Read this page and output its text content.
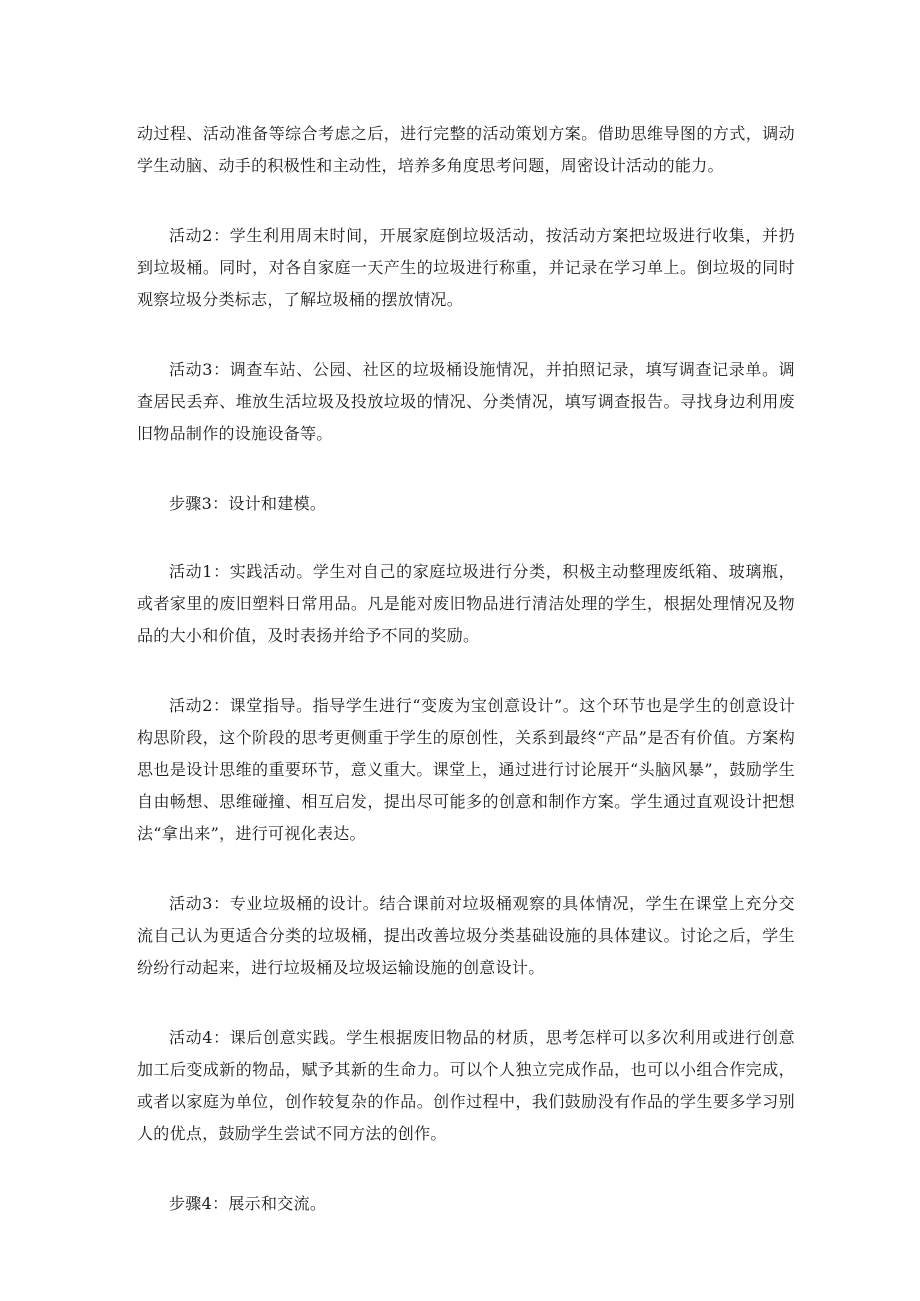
动过程、活动准备等综合考虑之后，进行完整的活动策划方案。借助思维导图的方式，调动学生动脑、动手的积极性和主动性，培养多角度思考问题，周密设计活动的能力。

活动2：学生利用周末时间，开展家庭倒垃圾活动，按活动方案把垃圾进行收集，并扔到垃圾桶。同时，对各自家庭一天产生的垃圾进行称重，并记录在学习单上。倒垃圾的同时观察垃圾分类标志，了解垃圾桶的摆放情况。

活动3：调查车站、公园、社区的垃圾桶设施情况，并拍照记录，填写调查记录单。调查居民丢弃、堆放生活垃圾及投放垃圾的情况、分类情况，填写调查报告。寻找身边利用废旧物品制作的设施设备等。

步骤3：设计和建模。

活动1：实践活动。学生对自己的家庭垃圾进行分类，积极主动整理废纸箱、玻璃瓶，或者家里的废旧塑料日常用品。凡是能对废旧物品进行清洁处理的学生，根据处理情况及物品的大小和价值，及时表扬并给予不同的奖励。

活动2：课堂指导。指导学生进行“变废为宝创意设计”。这个环节也是学生的创意设计构思阶段，这个阶段的思考更侧重于学生的原创性，关系到最终“产品”是否有价值。方案构思也是设计思维的重要环节，意义重大。课堂上，通过进行讨论展开“头脑风暴”，鼓励学生自由畅想、思维碰撞、相互启发，提出尽可能多的创意和制作方案。学生通过直观设计把想法“拿出来”，进行可视化表达。

活动3：专业垃圾桶的设计。结合课前对垃圾桶观察的具体情况，学生在课堂上充分交流自己认为更适合分类的垃圾桶，提出改善垃圾分类基础设施的具体建议。讨论之后，学生纷纷行动起来，进行垃圾桶及垃圾运输设施的创意设计。

活动4：课后创意实践。学生根据废旧物品的材质，思考怎样可以多次利用或进行创意加工后变成新的物品，赋予其新的生命力。可以个人独立完成作品，也可以小组合作完成，或者以家庭为单位，创作较复杂的作品。创作过程中，我们鼓励没有作品的学生要多学习别人的优点，鼓励学生尝试不同方法的创作。

步骤4：展示和交流。
